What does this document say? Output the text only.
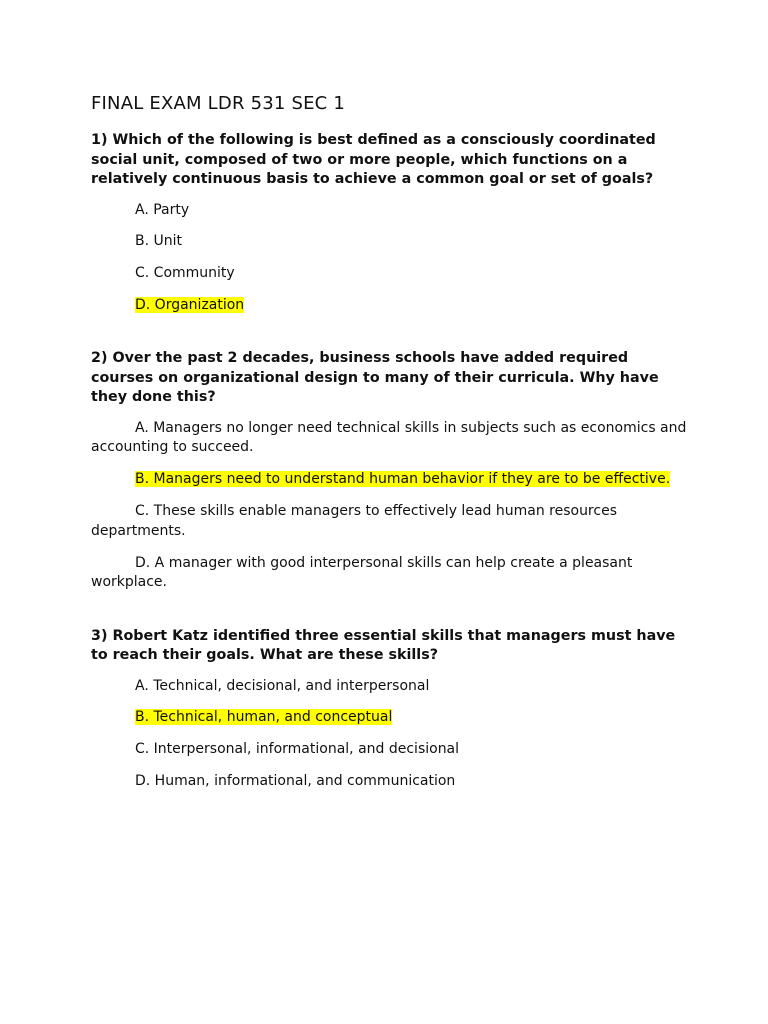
FINAL EXAM LDR 531 SEC 1
1) Which of the following is best defined as a consciously coordinated social unit, composed of two or more people, which functions on a relatively continuous basis to achieve a common goal or set of goals?
A. Party
B. Unit
C. Community
D. Organization
2) Over the past 2 decades, business schools have added required courses on organizational design to many of their curricula. Why have they done this?
A. Managers no longer need technical skills in subjects such as economics and accounting to succeed.
B. Managers need to understand human behavior if they are to be effective.
C. These skills enable managers to effectively lead human resources departments.
D. A manager with good interpersonal skills can help create a pleasant workplace.
3) Robert Katz identified three essential skills that managers must have to reach their goals. What are these skills?
A. Technical, decisional, and interpersonal
B. Technical, human, and conceptual
C. Interpersonal, informational, and decisional
D. Human, informational, and communication
